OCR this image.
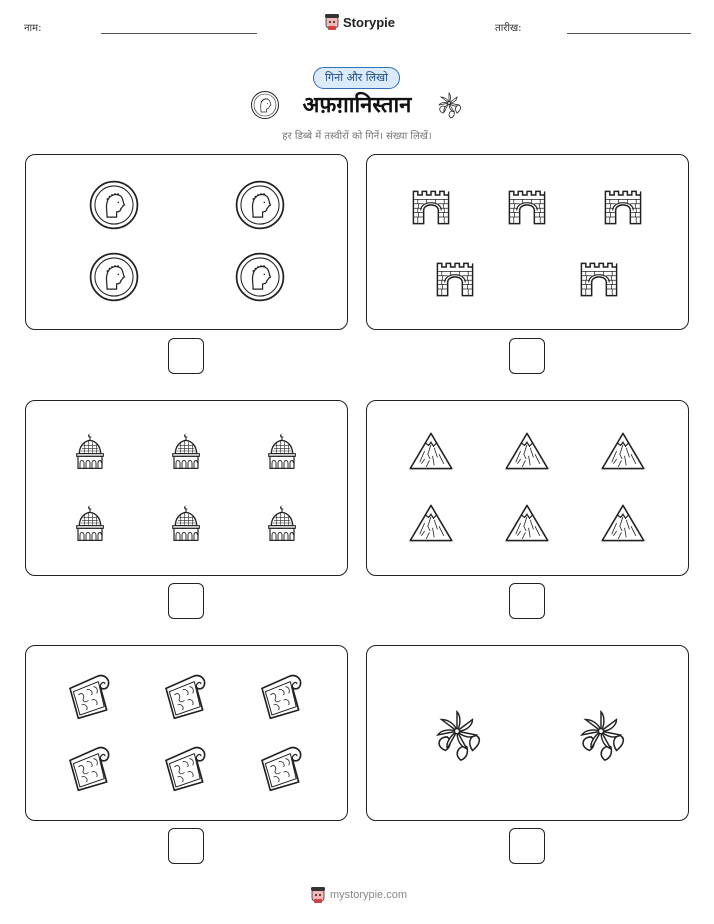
नाम:	Storypie	तारीख:
गिनो और लिखो
अफ़ग़ानिस्तान
हर डिब्बे में तस्वीरों को गिनें। संख्या लिखें।
mystorypie.com
